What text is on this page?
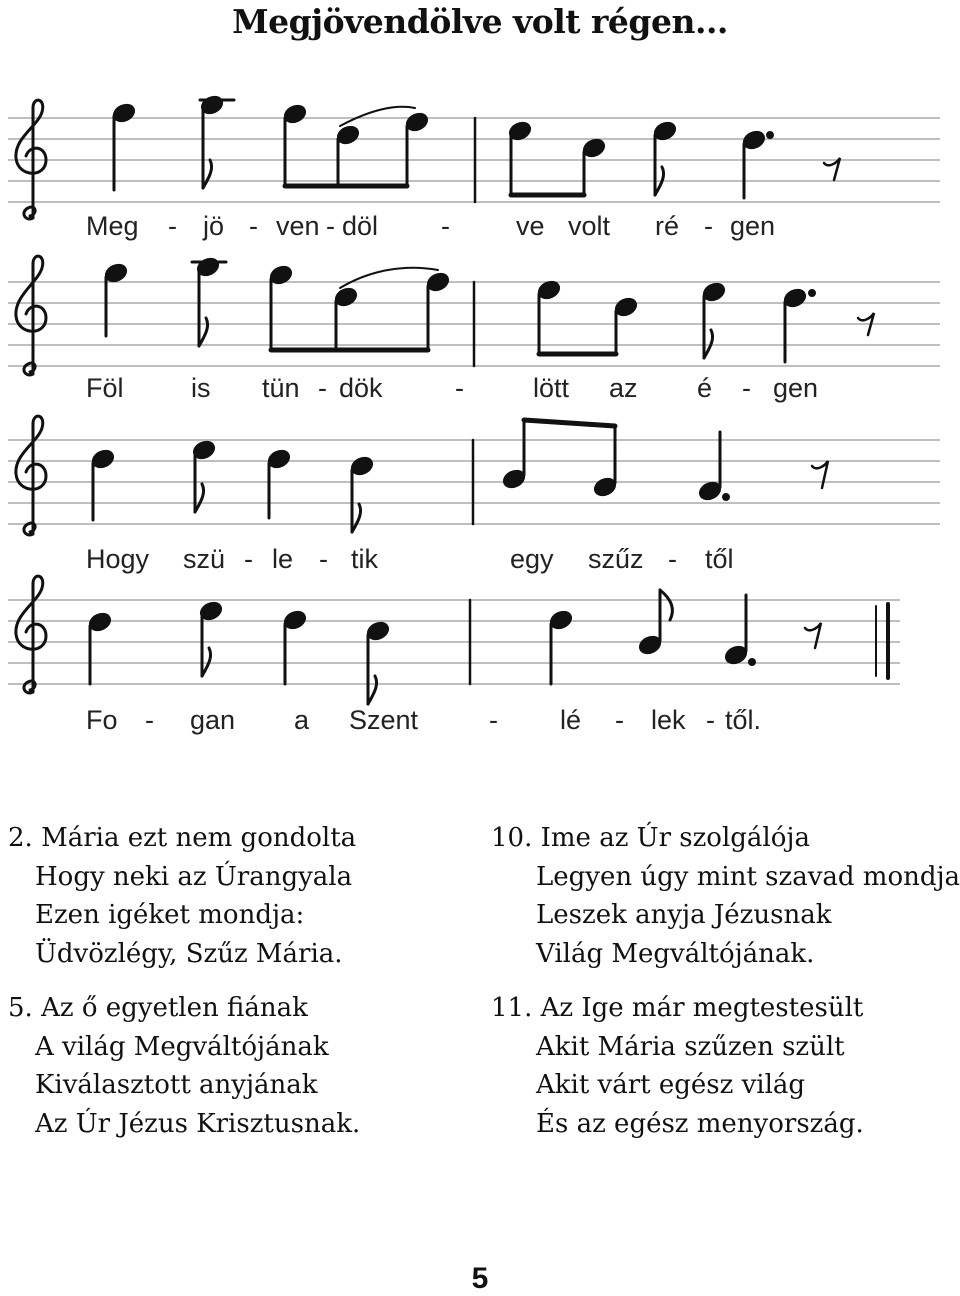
Megjövendölve volt régen...
Meg - jö - ven - döl - ve volt ré - gen
Föl is tün - dök	-	lött az é - gen
Hogy szü - le - tik	egy szűz - től
Fo - gan a Szent	- lé - lek - től.
2. Mária ezt nem gondolta
Hogy neki az Úrangyala
Ezen igéket mondja:
Üdvözlégy, Szűz Mária.
10. Ime az Úr szolgálója
Legyen úgy mint szavad mondja
Leszek anyja Jézusnak
Világ Megváltójának.
5. Az ő egyetlen fiának
A világ Megváltójának
Kiválasztott anyjának
Az Úr Jézus Krisztusnak.
11. Az Ige már megtestesült
Akit Mária szűzen szült
Akit várt egész világ
És az egész menyország.
5
